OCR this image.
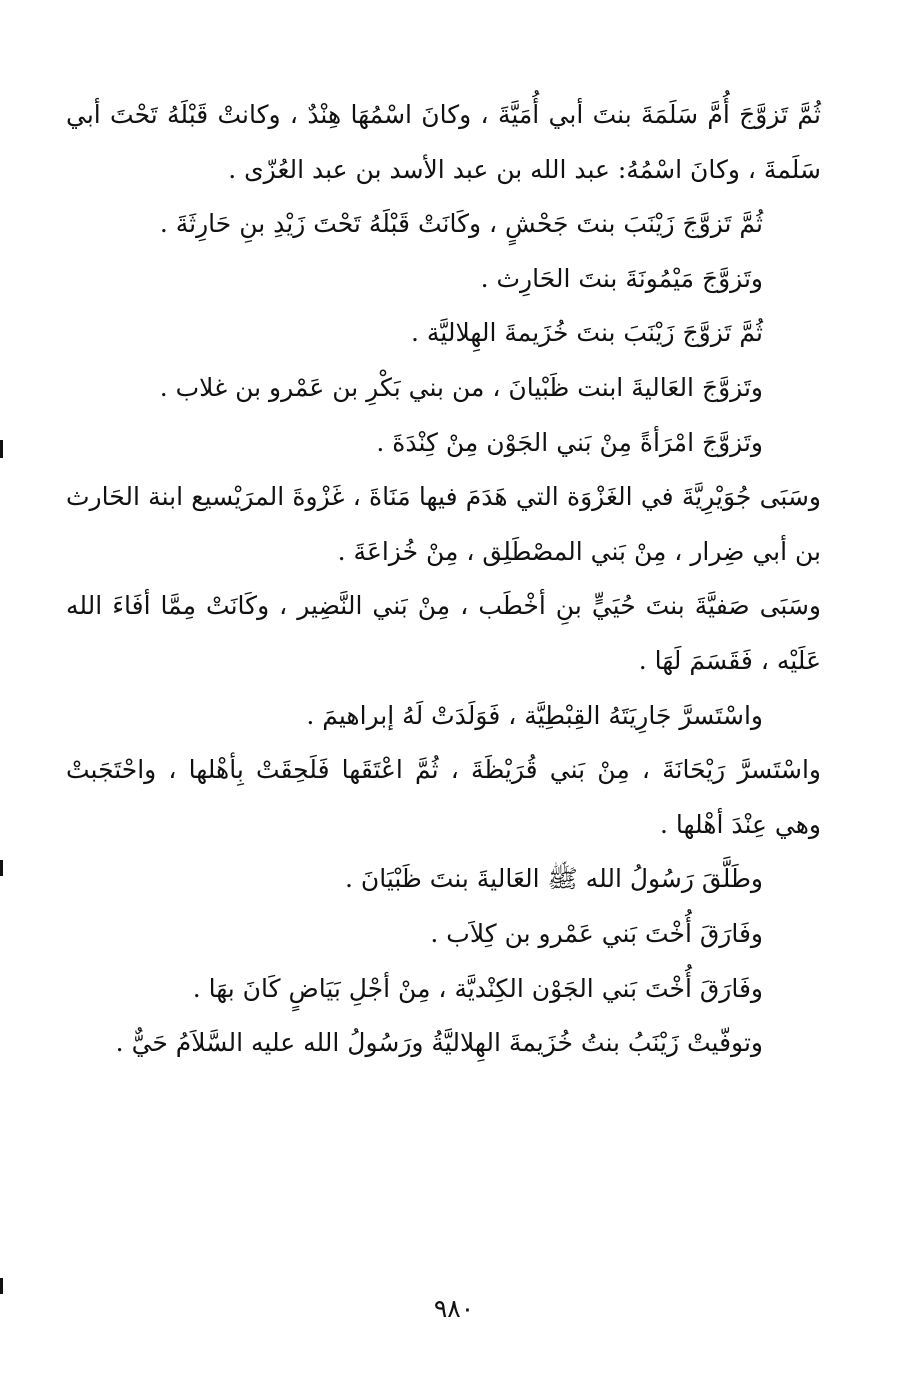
ثُمَّ تَزوَّجَ أُمَّ سَلَمَةَ بنتَ أبي أُمَيَّةَ ، وكانَ اسْمُهَا هِنْدٌ ، وكانتْ قَبْلَهُ تَحْتَ أبي سَلَمةَ ، وكانَ اسْمُهُ: عبد الله بن عبد الأسد بن عبد العُزّى .

ثُمَّ تَزوَّجَ زَيْنَبَ بنتَ جَحْشٍ ، وكَانَتْ قَبْلَهُ تَحْتَ زَيْدِ بنِ حَارِثَةَ .

وتَزوَّجَ مَيْمُونَةَ بنتَ الحَارِث .

ثُمَّ تَزوَّجَ زَيْنَبَ بنتَ خُزَيمةَ الهِلاليَّة .

وتَزوَّجَ العَاليةَ ابنت ظَبْيانَ ، من بني بَكْرِ بن عَمْرو بن غلاب .

وتَزوَّجَ امْرَأةً مِنْ بَني الجَوْن مِنْ كِنْدَةَ .

وسَبَى جُوَيْرِيَّةَ في الغَزْوَة التي هَدَمَ فيها مَنَاةَ ، غَزْوةَ المرَيْسيع ابنة الحَارث بن أبي ضِرار ، مِنْ بَني المصْطَلِق ، مِنْ خُزاعَةَ .

وسَبَى صَفيَّةَ بنتَ حُيَيٍّ بنِ أخْطَب ، مِنْ بَني النَّضِير ، وكَانَتْ مِمَّا أفَاءَ الله عَلَيْه ، فَقَسَمَ لَهَا .

واسْتَسرَّ جَارِيَتَهُ القِبْطِيَّة ، فَوَلَدَتْ لَهُ إبراهيمَ .

واسْتَسرَّ رَيْحَانَةَ ، مِنْ بَني قُرَيْظَةَ ، ثُمَّ اعْتَقَها فَلَحِقَتْ بِأهْلها ، واحْتَجَبتْ وهي عِنْدَ أهْلها .

وطَلَّقَ رَسُولُ الله ﷺ العَاليةَ بنتَ ظَبْيَانَ .

وفَارَقَ أُخْتَ بَني عَمْرو بن كِلاَب .

وفَارَقَ أُخْتَ بَني الجَوْن الكِنْديَّة ، مِنْ أجْلِ بَيَاضٍ كَانَ بهَا .

وتوفّيتْ زَيْنَبُ بنتُ خُزَيمةَ الهِلاليَّةُ ورَسُولُ الله عليه السَّلاَمُ حَيٌّ .

٩٨٠
